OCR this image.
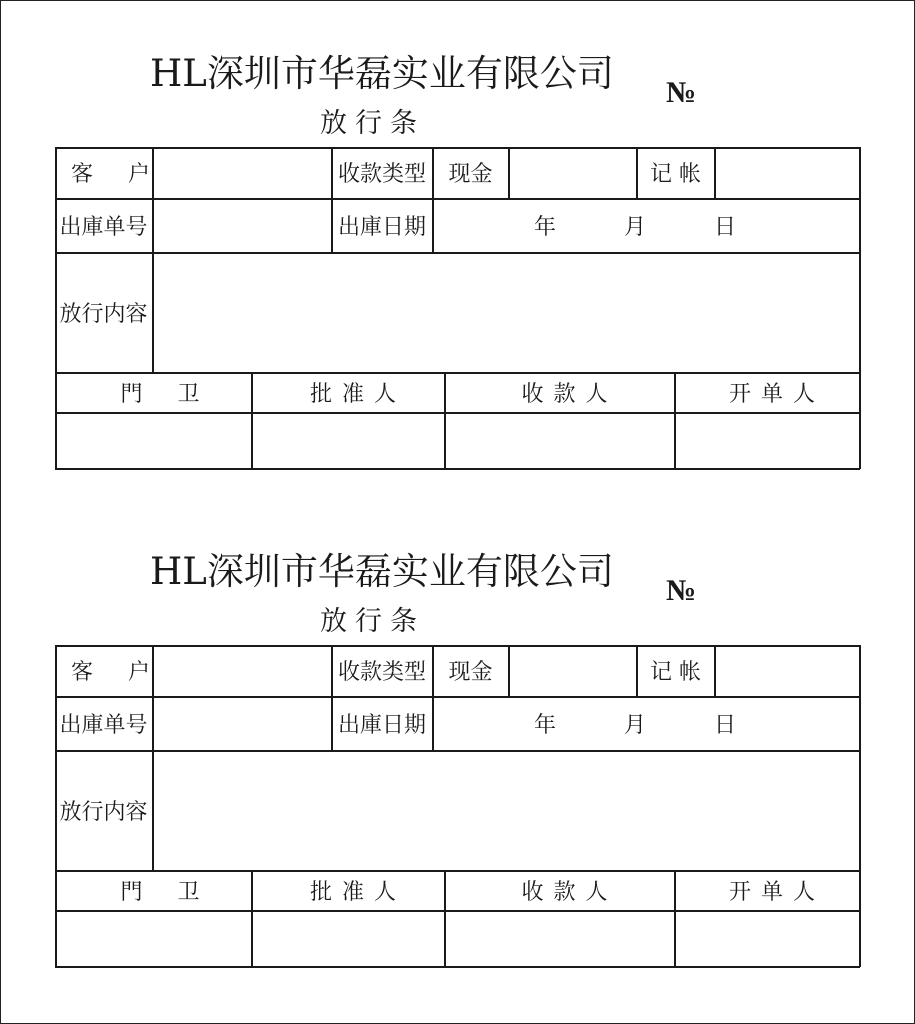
HL深圳市华磊实业有限公司	№
放行条
客 户	收款类型	现金	记 帐
出庫单号	出庫日期	年	月	日
放行内容
門 卫	批准人	收款人	开单人
HL深圳市华磊实业有限公司	№
放行条
客 户	收款类型	现金	记 帐
出庫单号	出庫日期	年	月	日
放行内容
門 卫	批准人	收款人	开单人
